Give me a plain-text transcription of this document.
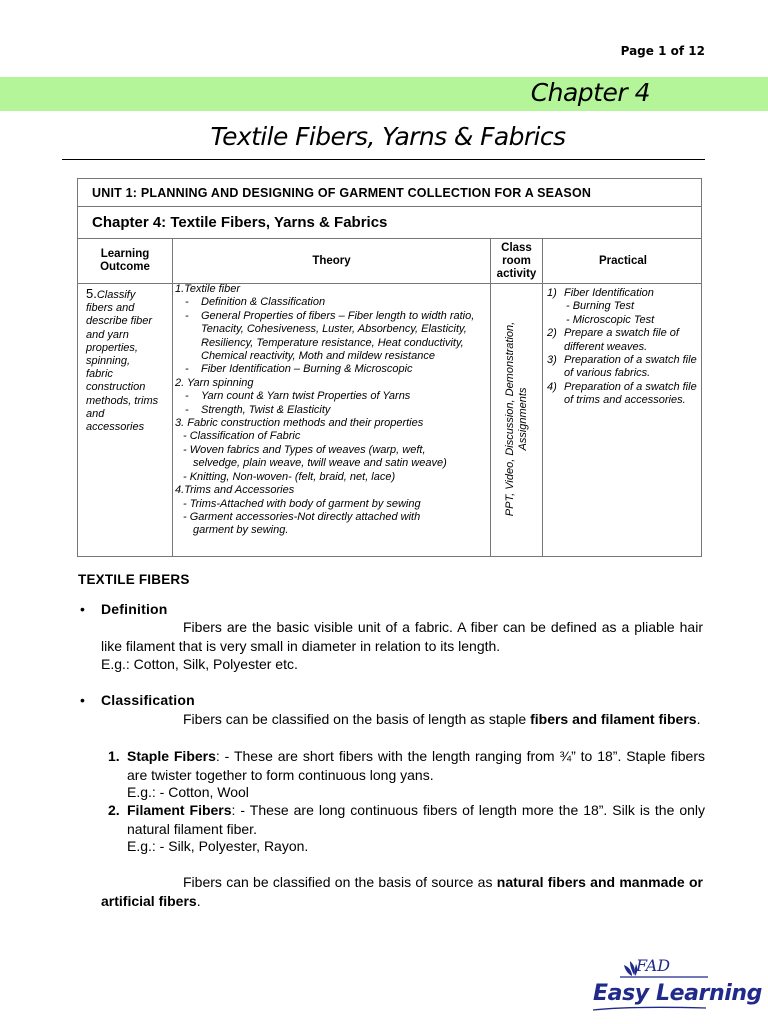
Page 1 of 12
Chapter 4
Textile Fibers, Yarns & Fabrics
UNIT 1: PLANNING AND DESIGNING OF GARMENT COLLECTION FOR A SEASON
Chapter 4: Textile Fibers, Yarns & Fabrics
Learning
Outcome
Theory
Class
room
activity
Practical
5.Classify
fibers and
describe fiber
and yarn
properties,
spinning,
fabric
construction
methods, trims
and
accessories

1.Textile fiber

- Definition & Classification

- General Properties of fibers – Fiber length to width ratio, Tenacity, Cohesiveness, Luster, Absorbency, Elasticity, Resiliency, Temperature resistance, Heat conductivity, Chemical reactivity, Moth and mildew resistance

- Fiber Identification – Burning & Microscopic

2. Yarn spinning

- Yarn count & Yarn twist Properties of Yarns

- Strength, Twist & Elasticity

3. Fabric construction methods and their properties

- Classification of Fabric

- Woven fabrics and Types of weaves (warp, weft,

selvedge, plain weave, twill weave and satin weave)

- Knitting, Non-woven- (felt, braid, net, lace)

4.Trims and Accessories

- Trims-Attached with body of garment by sewing

- Garment accessories-Not directly attached with

garment by sewing.

PPT, Video, Discussion, Demonstration,
Assignments
1) Fiber Identification
- Burning Test
- Microscopic Test
2) Prepare a swatch file of different weaves.
3) Preparation of a swatch file of various fabrics.
4) Preparation of a swatch file of trims and accessories.
TEXTILE FIBERS
• Definition
Fibers are the basic visible unit of a fabric. A fiber can be defined as a pliable hair like filament that is very small in diameter in relation to its length.
E.g.: Cotton, Silk, Polyester etc.
• Classification
Fibers can be classified on the basis of length as staple fibers and filament fibers.
1. Staple Fibers: - These are short fibers with the length ranging from ¾” to 18”. Staple fibers are twister together to form continuous long yans.
E.g.: - Cotton, Wool
2. Filament Fibers: - These are long continuous fibers of length more the 18”. Silk is the only natural filament fiber.
E.g.: - Silk, Polyester, Rayon.
Fibers can be classified on the basis of source as natural fibers and manmade or artificial fibers.
FAD
Easy Learning
